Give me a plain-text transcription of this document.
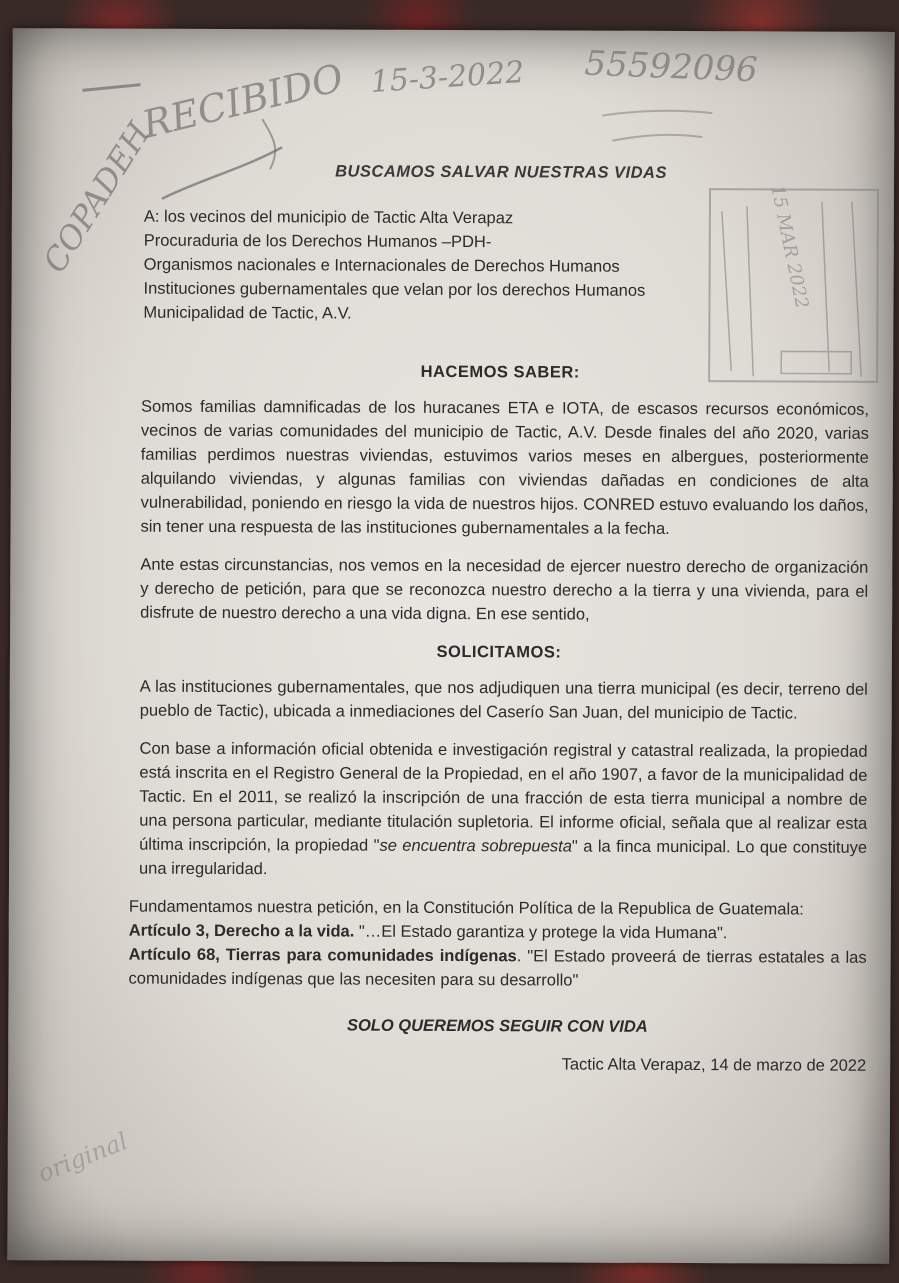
RECIBIDO 15-3-2022 55592096
COPADEH
original
15 MAR 2022
BUSCAMOS SALVAR NUESTRAS VIDAS
A: los vecinos del municipio de Tactic Alta Verapaz
Procuraduria de los Derechos Humanos –PDH-
Organismos nacionales e Internacionales de Derechos Humanos
Instituciones gubernamentales que velan por los derechos Humanos
Municipalidad de Tactic, A.V.
HACEMOS SABER:

Somos familias damnificadas de los huracanes ETA e IOTA, de escasos recursos económicos, vecinos de varias comunidades del municipio de Tactic, A.V. Desde finales del año 2020, varias familias perdimos nuestras viviendas, estuvimos varios meses en albergues, posteriormente alquilando viviendas, y algunas familias con viviendas dañadas en condiciones de alta vulnerabilidad, poniendo en riesgo la vida de nuestros hijos. CONRED estuvo evaluando los daños, sin tener una respuesta de las instituciones gubernamentales a la fecha.

Ante estas circunstancias, nos vemos en la necesidad de ejercer nuestro derecho de organización y derecho de petición, para que se reconozca nuestro derecho a la tierra y una vivienda, para el disfrute de nuestro derecho a una vida digna. En ese sentido,

SOLICITAMOS:

A las instituciones gubernamentales, que nos adjudiquen una tierra municipal (es decir, terreno del pueblo de Tactic), ubicada a inmediaciones del Caserío San Juan, del municipio de Tactic.

Con base a información oficial obtenida e investigación registral y catastral realizada, la propiedad está inscrita en el Registro General de la Propiedad, en el año 1907, a favor de la municipalidad de Tactic. En el 2011, se realizó la inscripción de una fracción de esta tierra municipal a nombre de una persona particular, mediante titulación supletoria. El informe oficial, señala que al realizar esta última inscripción, la propiedad "se encuentra sobrepuesta" a la finca municipal. Lo que constituye una irregularidad.

Fundamentamos nuestra petición, en la Constitución Política de la Republica de Guatemala:
Artículo 3, Derecho a la vida. "…El Estado garantiza y protege la vida Humana".
Artículo 68, Tierras para comunidades indígenas. "El Estado proveerá de tierras estatales a las comunidades indígenas que las necesiten para su desarrollo"

SOLO QUEREMOS SEGUIR CON VIDA
Tactic Alta Verapaz, 14 de marzo de 2022
